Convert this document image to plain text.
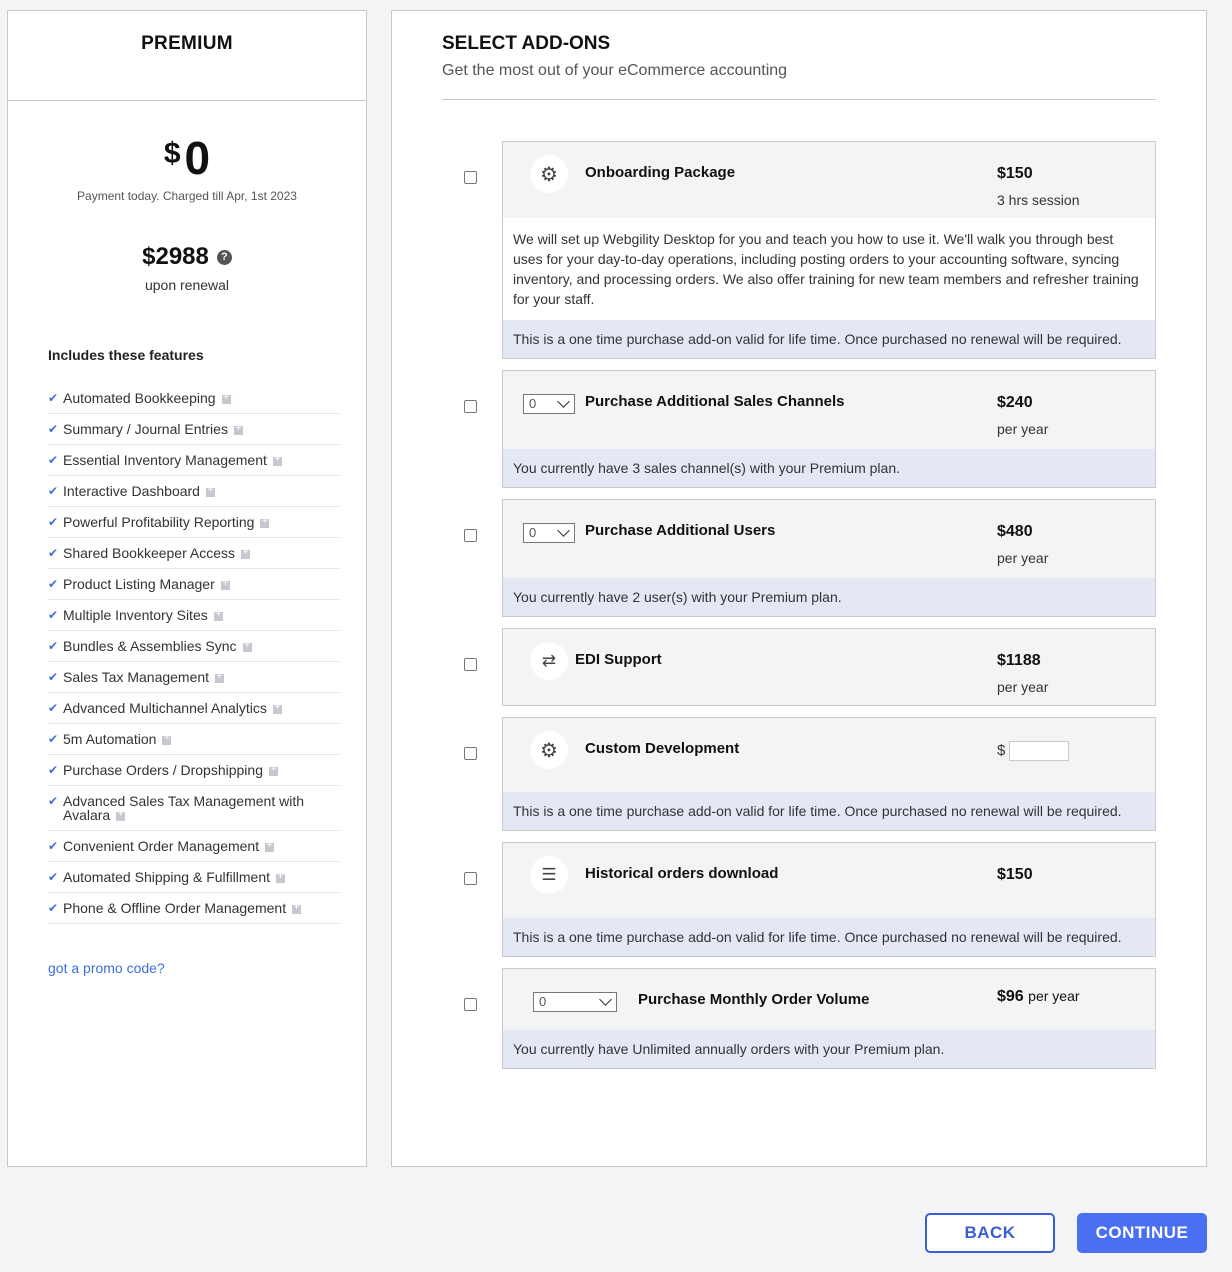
PREMIUM
$0
Payment today. Charged till Apr, 1st 2023
$2988	?
upon renewal
Includes these features
✔ Automated Bookkeeping+
✔ Summary / Journal Entries+
✔ Essential Inventory Management+
✔ Interactive Dashboard+
✔ Powerful Profitability Reporting+
✔ Shared Bookkeeper Access+
✔ Product Listing Manager+
✔ Multiple Inventory Sites+
✔ Bundles & Assemblies Sync+
✔ Sales Tax Management+
✔ Advanced Multichannel Analytics+
✔ 5m Automation+
✔ Purchase Orders / Dropshipping+
✔ Advanced Sales Tax Management with Avalara+
✔ Convenient Order Management+
✔ Automated Shipping & Fulfillment+
✔ Phone & Offline Order Management+
got a promo code?
SELECT ADD-ONS
Get the most out of your eCommerce accounting
⚙	Onboarding Package	$150
3 hrs session
We will set up Webgility Desktop for you and teach you how to use it. We'll walk you through best uses for your day-to-day operations, including posting orders to your accounting software, syncing inventory, and processing orders. We also offer training for new team members and refresher training for your staff.
This is a one time purchase add-on valid for life time. Once purchased no renewal will be required.
0	Purchase Additional Sales Channels	$240
per year
You currently have 3 sales channel(s) with your Premium plan.
0	Purchase Additional Users	$480
per year
You currently have 2 user(s) with your Premium plan.
⇄	EDI Support	$1188
per year
⚙	Custom Development	$
This is a one time purchase add-on valid for life time. Once purchased no renewal will be required.
☰	Historical orders download	$150
This is a one time purchase add-on valid for life time. Once purchased no renewal will be required.
0	Purchase Monthly Order Volume	$96 per year
You currently have Unlimited annually orders with your Premium plan.
BACK	CONTINUE
